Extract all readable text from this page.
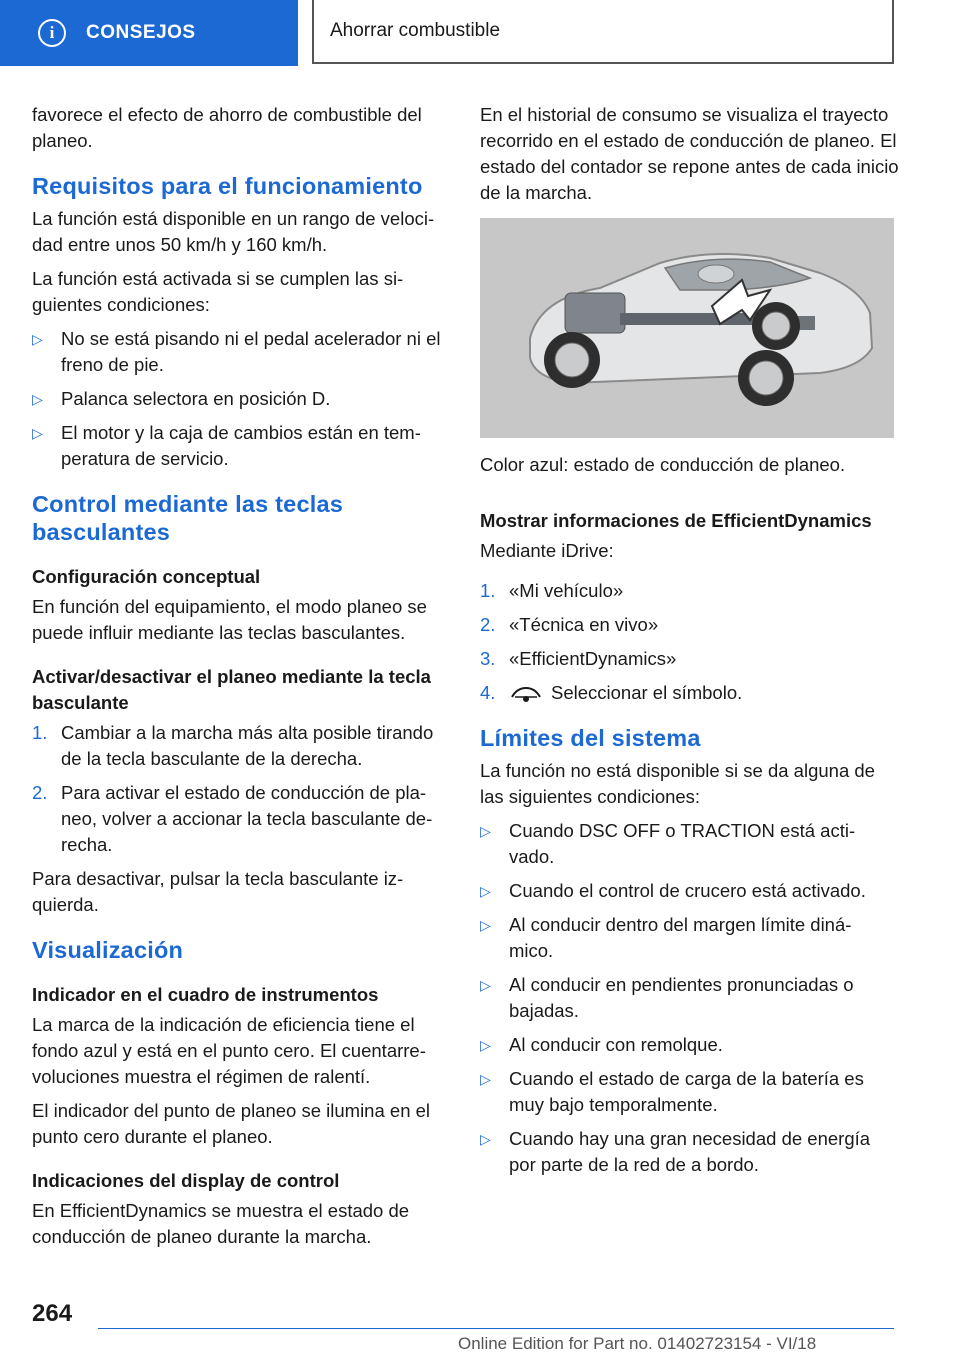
i	CONSEJOS	Ahorrar combustible

favorece el efecto de ahorro de combustible del planeo.

Requisitos para el funcionamiento

La función está disponible en un rango de veloci- dad entre unos 50 km/h y 160 km/h.

La función está activada si se cumplen las si- guientes condiciones:

▷ No se está pisando ni el pedal acelerador ni el freno de pie.
▷ Palanca selectora en posición D.
▷ El motor y la caja de cambios están en tem- peratura de servicio.
Control mediante las teclas basculantes
Configuración conceptual

En función del equipamiento, el modo planeo se puede influir mediante las teclas basculantes.

Activar/desactivar el planeo mediante la tecla basculante
1. Cambiar a la marcha más alta posible tirando de la tecla basculante de la derecha.
2. Para activar el estado de conducción de pla- neo, volver a accionar la tecla basculante de- recha.

Para desactivar, pulsar la tecla basculante iz- quierda.

Visualización
Indicador en el cuadro de instrumentos

La marca de la indicación de eficiencia tiene el fondo azul y está en el punto cero. El cuentarre- voluciones muestra el régimen de ralentí.

El indicador del punto de planeo se ilumina en el punto cero durante el planeo.

Indicaciones del display de control

En EfficientDynamics se muestra el estado de conducción de planeo durante la marcha.

En el historial de consumo se visualiza el trayecto recorrido en el estado de conducción de planeo. El estado del contador se repone antes de cada inicio de la marcha.

Color azul: estado de conducción de planeo.

Mostrar informaciones de EfficientDynamics

Mediante iDrive:

1. «Mi vehículo»
2. «Técnica en vivo»
3. «EfficientDynamics»
4.	Seleccionar el símbolo.
Límites del sistema

La función no está disponible si se da alguna de las siguientes condiciones:

▷ Cuando DSC OFF o TRACTION está acti- vado.
▷ Cuando el control de crucero está activado.
▷ Al conducir dentro del margen límite diná- mico.
▷ Al conducir en pendientes pronunciadas o bajadas.
▷ Al conducir con remolque.
▷ Cuando el estado de carga de la batería es muy bajo temporalmente.
▷ Cuando hay una gran necesidad de energía por parte de la red de a bordo.
264
Online Edition for Part no. 01402723154 - VI/18
